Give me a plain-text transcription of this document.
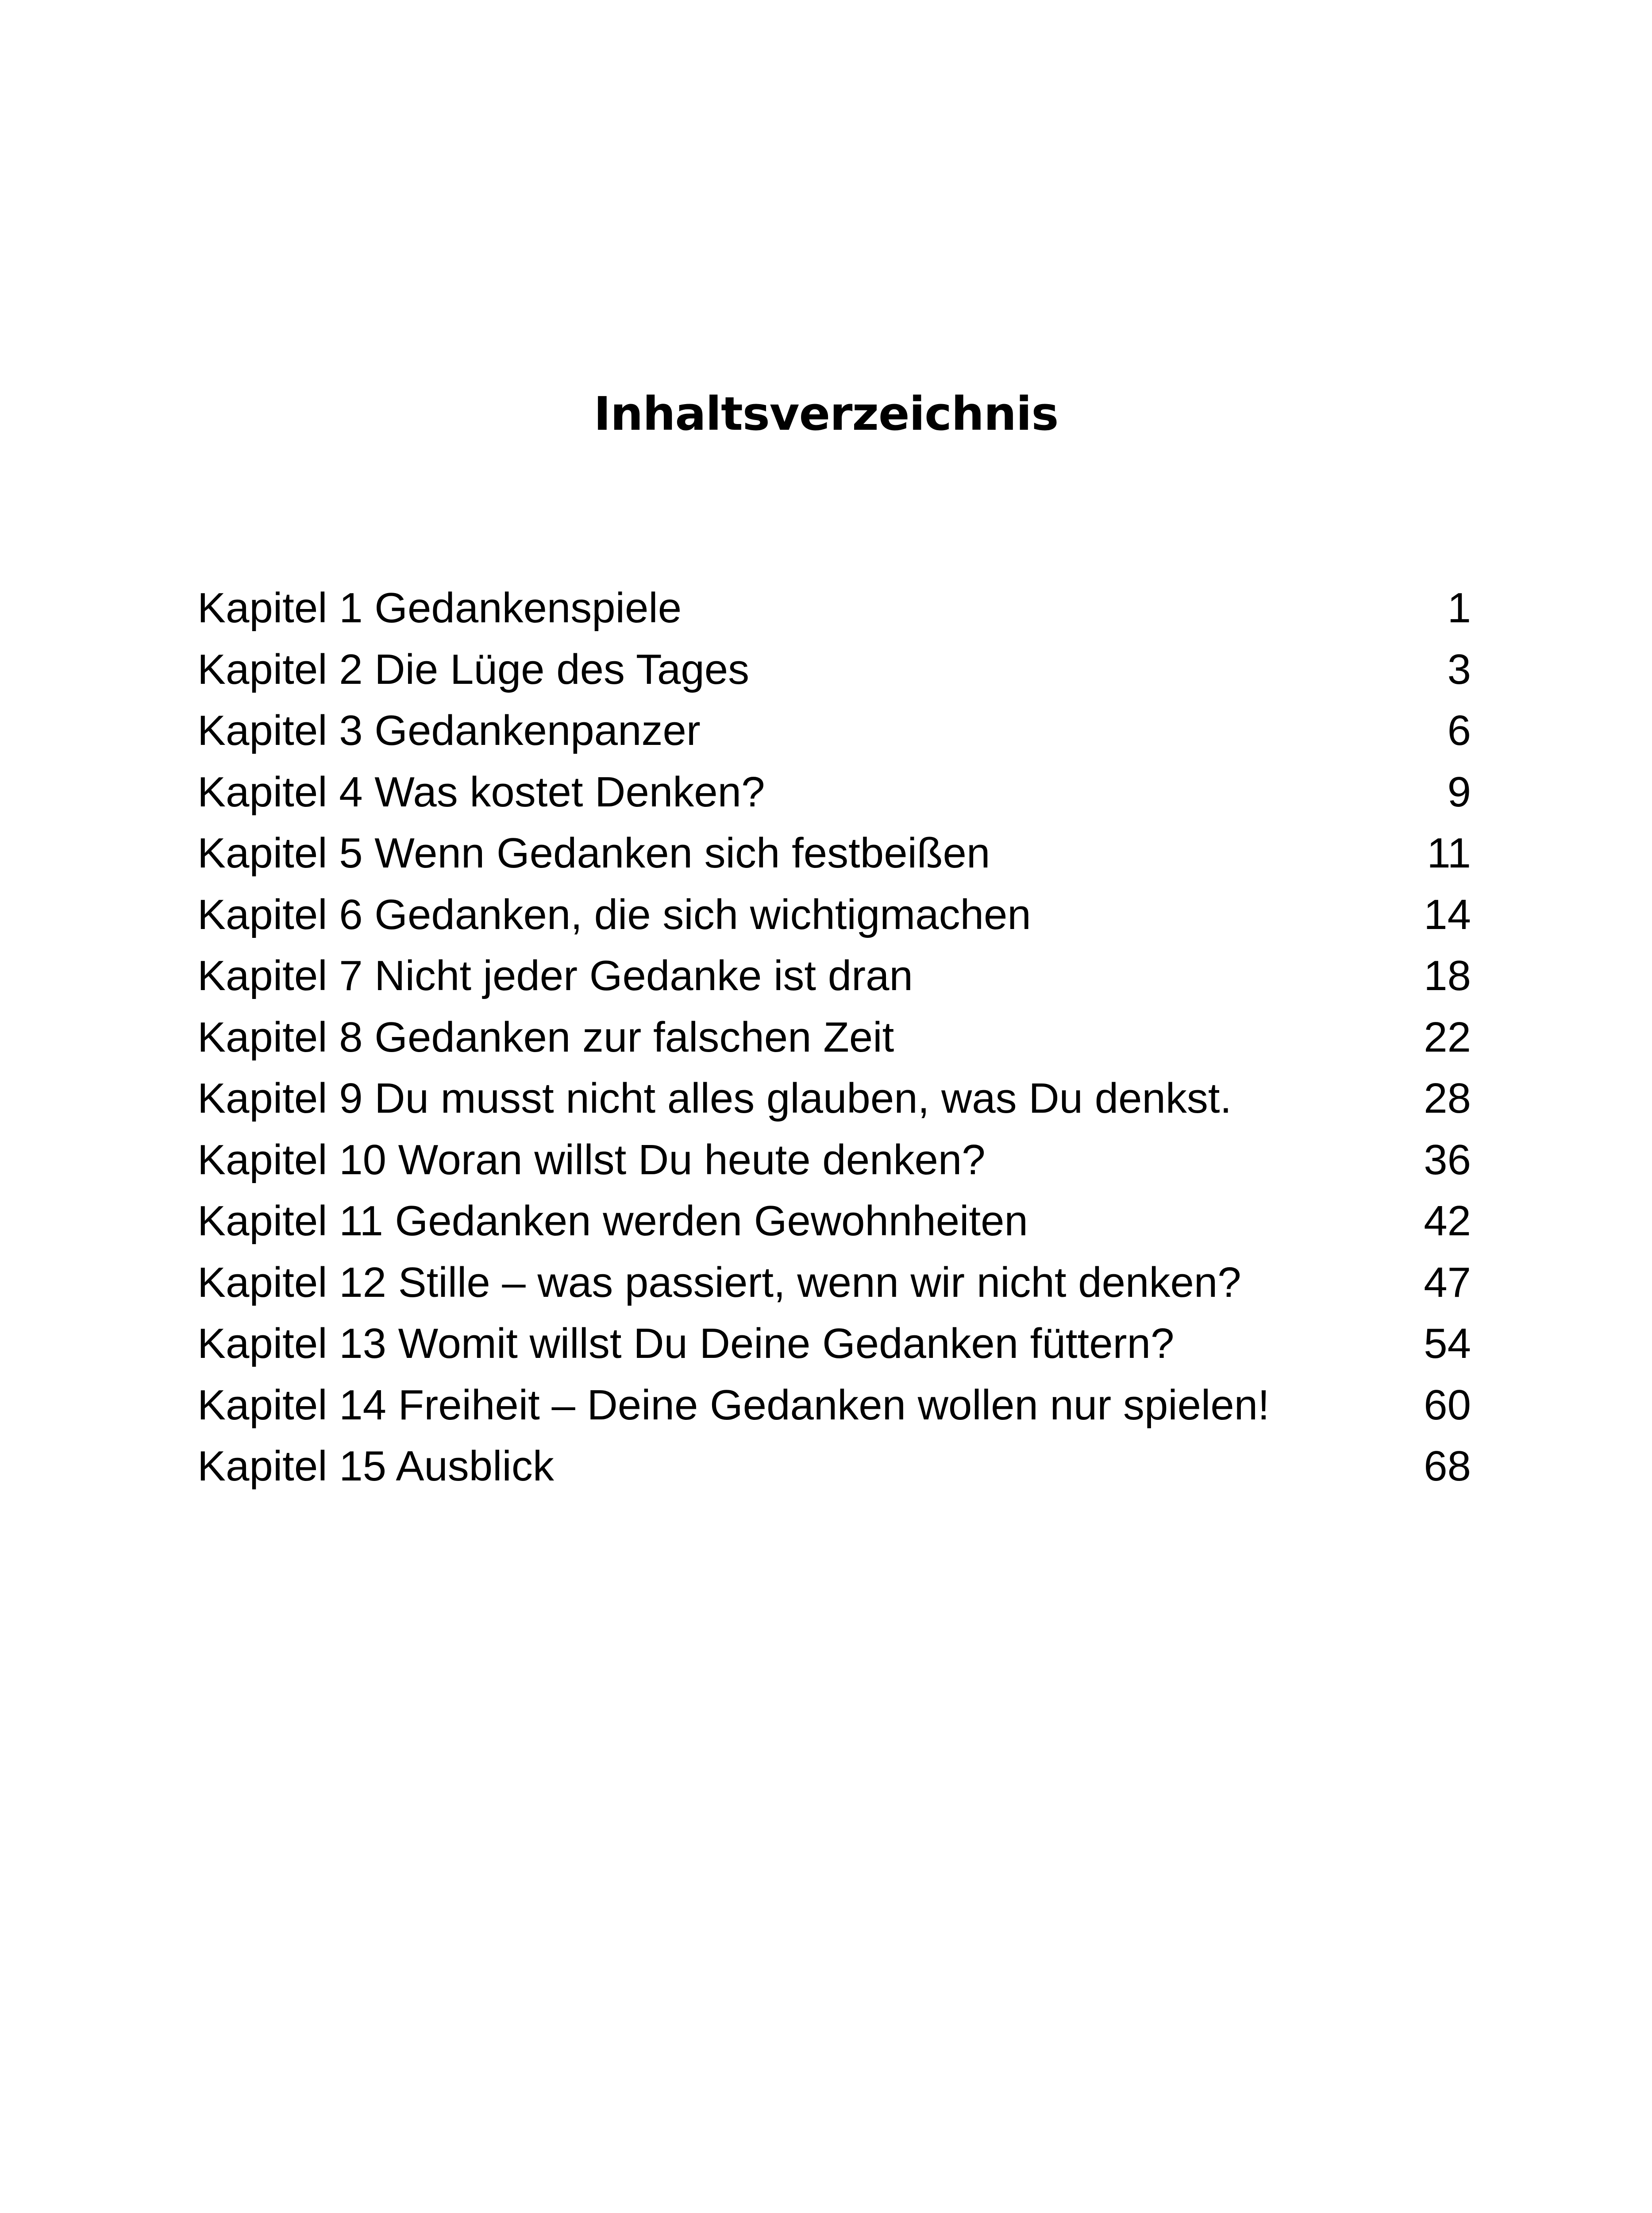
Inhaltsverzeichnis
Kapitel 1 Gedankenspiele	1
Kapitel 2 Die Lüge des Tages	3
Kapitel 3 Gedankenpanzer	6
Kapitel 4 Was kostet Denken?	9
Kapitel 5 Wenn Gedanken sich festbeißen	11
Kapitel 6 Gedanken, die sich wichtigmachen	14
Kapitel 7 Nicht jeder Gedanke ist dran	18
Kapitel 8 Gedanken zur falschen Zeit	22
Kapitel 9 Du musst nicht alles glauben, was Du denkst.	28
Kapitel 10 Woran willst Du heute denken?	36
Kapitel 11 Gedanken werden Gewohnheiten	42
Kapitel 12 Stille – was passiert, wenn wir nicht denken?	47
Kapitel 13 Womit willst Du Deine Gedanken füttern?	54
Kapitel 14 Freiheit – Deine Gedanken wollen nur spielen!	60
Kapitel 15 Ausblick	68
